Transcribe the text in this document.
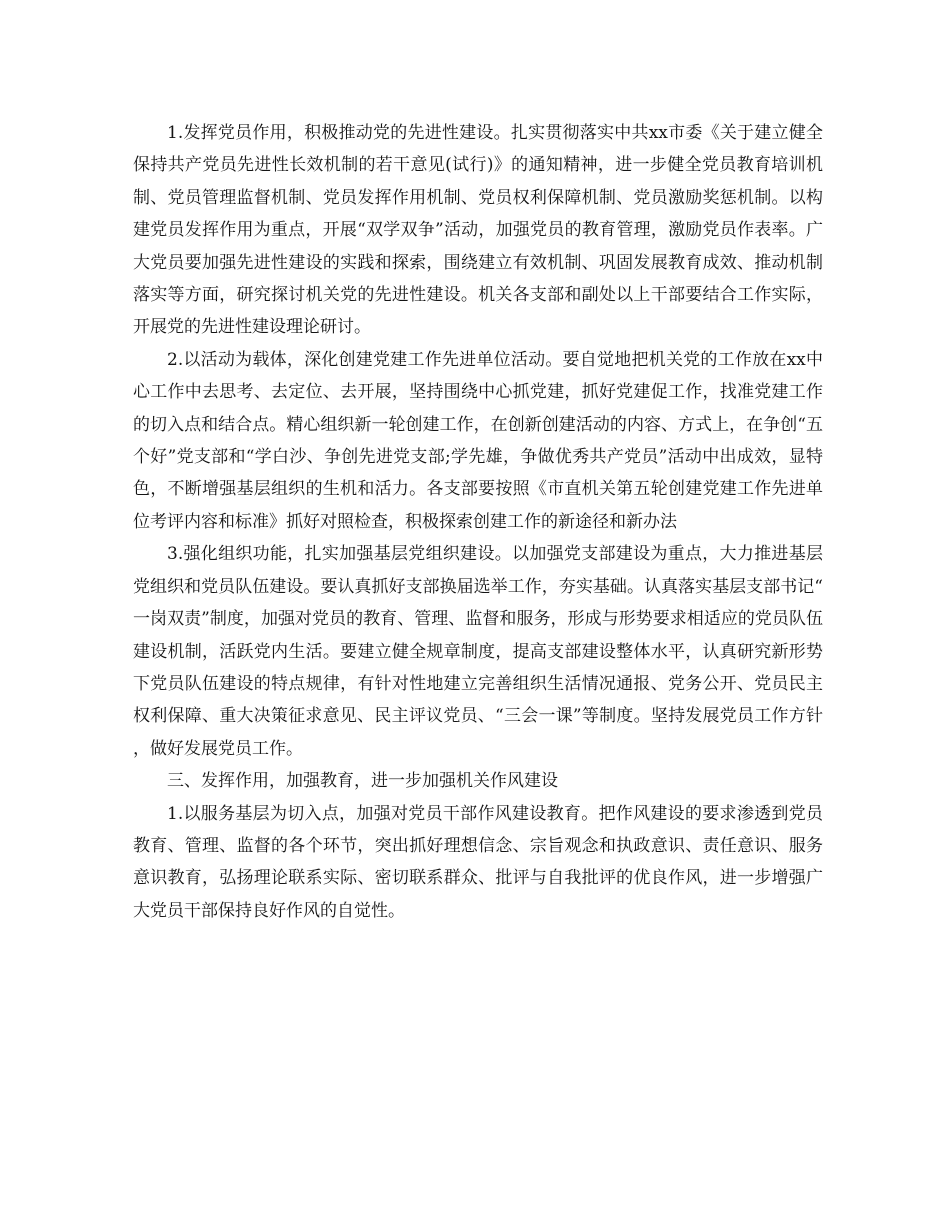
1.发挥党员作用，积极推动党的先进性建设。扎实贯彻落实中共xx市委《关于建立健全保持共产党员先进性长效机制的若干意见(试行)》的通知精神，进一步健全党员教育培训机制、党员管理监督机制、党员发挥作用机制、党员权利保障机制、党员激励奖惩机制。以构建党员发挥作用为重点，开展“双学双争”活动，加强党员的教育管理，激励党员作表率。广大党员要加强先进性建设的实践和探索，围绕建立有效机制、巩固发展教育成效、推动机制落实等方面，研究探讨机关党的先进性建设。机关各支部和副处以上干部要结合工作实际，开展党的先进性建设理论研讨。

2.以活动为载体，深化创建党建工作先进单位活动。要自觉地把机关党的工作放在xx中心工作中去思考、去定位、去开展，坚持围绕中心抓党建，抓好党建促工作，找准党建工作的切入点和结合点。精心组织新一轮创建工作，在创新创建活动的内容、方式上，在争创“五个好”党支部和“学白沙、争创先进党支部;学先雄，争做优秀共产党员”活动中出成效，显特色，不断增强基层组织的生机和活力。各支部要按照《市直机关第五轮创建党建工作先进单位考评内容和标准》抓好对照检查，积极探索创建工作的新途径和新办法

3.强化组织功能，扎实加强基层党组织建设。以加强党支部建设为重点，大力推进基层党组织和党员队伍建设。要认真抓好支部换届选举工作，夯实基础。认真落实基层支部书记“一岗双责”制度，加强对党员的教育、管理、监督和服务，形成与形势要求相适应的党员队伍建设机制，活跃党内生活。要建立健全规章制度，提高支部建设整体水平，认真研究新形势下党员队伍建设的特点规律，有针对性地建立完善组织生活情况通报、党务公开、党员民主权利保障、重大决策征求意见、民主评议党员、“三会一课”等制度。坚持发展党员工作方针，做好发展党员工作。

三、发挥作用，加强教育，进一步加强机关作风建设

1.以服务基层为切入点，加强对党员干部作风建设教育。把作风建设的要求渗透到党员教育、管理、监督的各个环节，突出抓好理想信念、宗旨观念和执政意识、责任意识、服务意识教育，弘扬理论联系实际、密切联系群众、批评与自我批评的优良作风，进一步增强广大党员干部保持良好作风的自觉性。
